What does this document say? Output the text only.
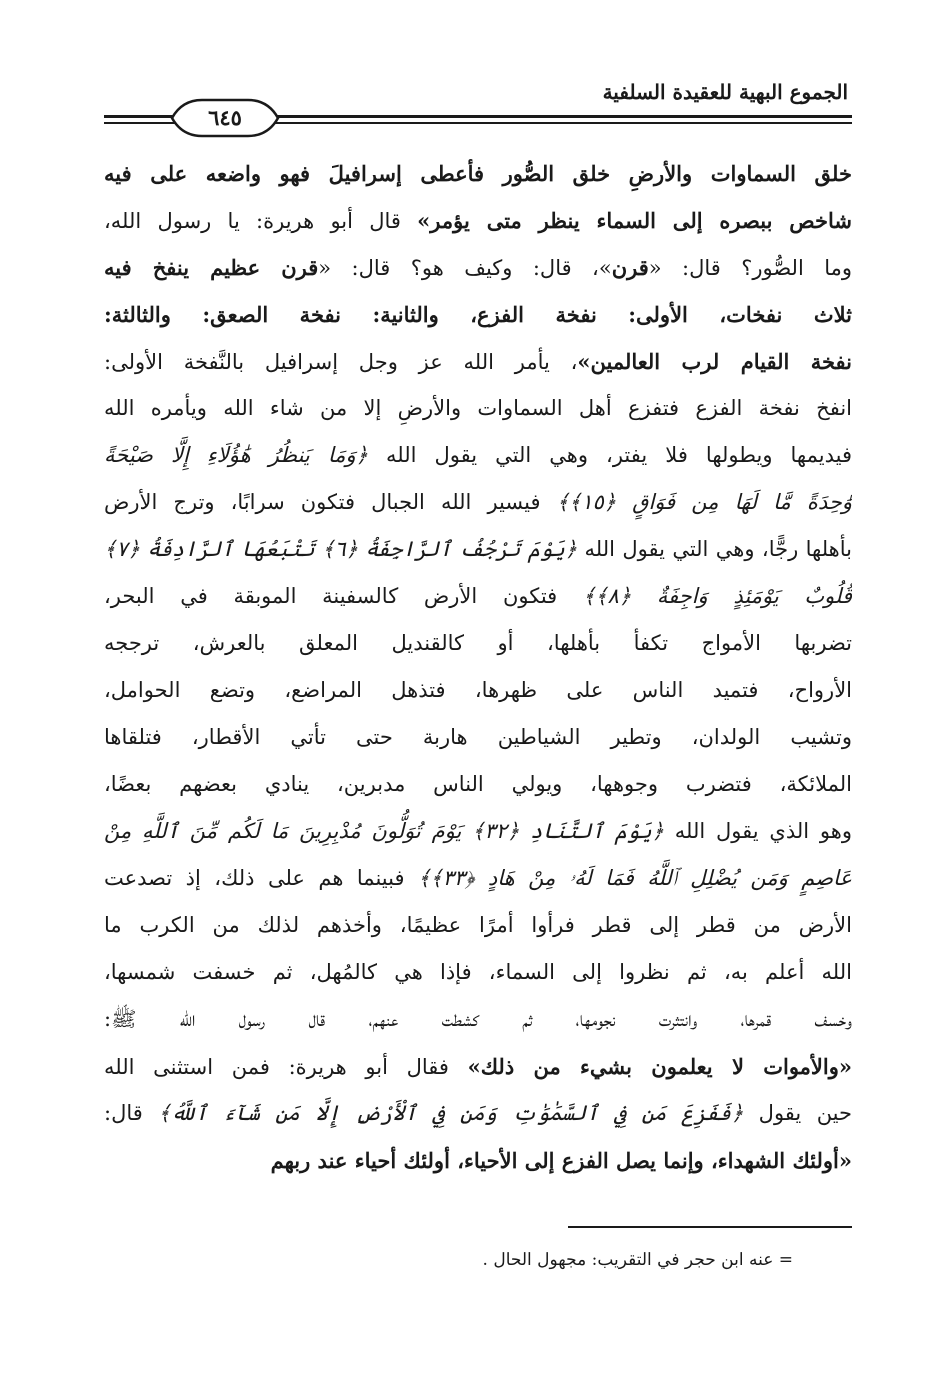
الجموع البهية للعقيدة السلفية
٦٤٥
خلق السماوات والأرضِ خلق الصُّور فأعطى إسرافيلَ فهو واضعه على فيه
شاخص ببصره إلى السماء ينظر متى يؤمر» قال أبو هريرة: يا رسول الله،
وما الصُّور؟ قال: «قرن»، قال: وكيف هو؟ قال: «قرن عظيم ينفخ فيه
ثلاث نفخات، الأولى: نفخة الفزع، والثانية: نفخة الصعق: والثالثة:
نفخة القيام لرب العالمين»، يأمر الله عز وجل إسرافيل بالنَّفخة الأولى:
انفخ نفخة الفزع فتفزع أهل السماوات والأرضِ إلا من شاء الله ويأمره الله
فيديمها ويطولها فلا يفتر، وهي التي يقول الله ﴿وَمَا يَنظُرُ هَٰؤُلَاءِ إِلَّا صَيْحَةً
وَٰحِدَةً مَّا لَهَا مِن فَوَاقٍ ﴿١٥﴾﴾ فيسير الله الجبال فتكون سرابًا، وترج الأرض
بأهلها رجًّا، وهي التي يقول الله ﴿يَوْمَ تَرْجُفُ ٱلرَّاجِفَةُ ﴿٦﴾ تَتْبَعُهَا ٱلرَّادِفَةُ ﴿٧﴾
قُلُوبٌ يَوْمَئِذٍ وَاجِفَةٌ ﴿٨﴾﴾ فتكون الأرض كالسفينة الموبقة في البحر،
تضربها الأمواج تكفأ بأهلها، أو كالقنديل المعلق بالعرش، ترججه
الأرواح، فتميد الناس على ظهرها، فتذهل المراضع، وتضع الحوامل،
وتشيب الولدان، وتطير الشياطين هاربة حتى تأتي الأقطار، فتلقاها
الملائكة، فتضرب وجوهها، ويولي الناس مدبرين، ينادي بعضهم بعضًا،
وهو الذي يقول الله ﴿يَوْمَ ٱلتَّنَادِ ﴿٣٢﴾ يَوْمَ تُوَلُّونَ مُدْبِرِينَ مَا لَكُم مِّنَ ٱللَّهِ مِنْ
عَاصِمٍ وَمَن يُضْلِلِ ٱللَّهُ فَمَا لَهُۥ مِنْ هَادٍ ﴿٣٣﴾﴾ فبينما هم على ذلك، إذ تصدعت
الأرض من قطر إلى قطر فرأوا أمرًا عظيمًا، وأخذهم لذلك من الكرب ما
الله أعلم به، ثم نظروا إلى السماء، فإذا هي كالمُهل، ثم خسفت شمسها،
وخسف قمرها، وانتثرت نجومها، ثم كشطت عنهم، قال رسول الله ﷺ:
«والأموات لا يعلمون بشيء من ذلك» فقال أبو هريرة: فمن استثنى الله
حين يقول ﴿فَفَزِعَ مَن فِي ٱلسَّمَٰوَٰتِ وَمَن فِي ٱلْأَرْضِ إِلَّا مَن شَآءَ ٱللَّهُ﴾ قال:
«أولئك الشهداء، وإنما يصل الفزع إلى الأحياء، أولئك أحياء عند ربهم
= عنه ابن حجر في التقريب: مجهول الحال .
